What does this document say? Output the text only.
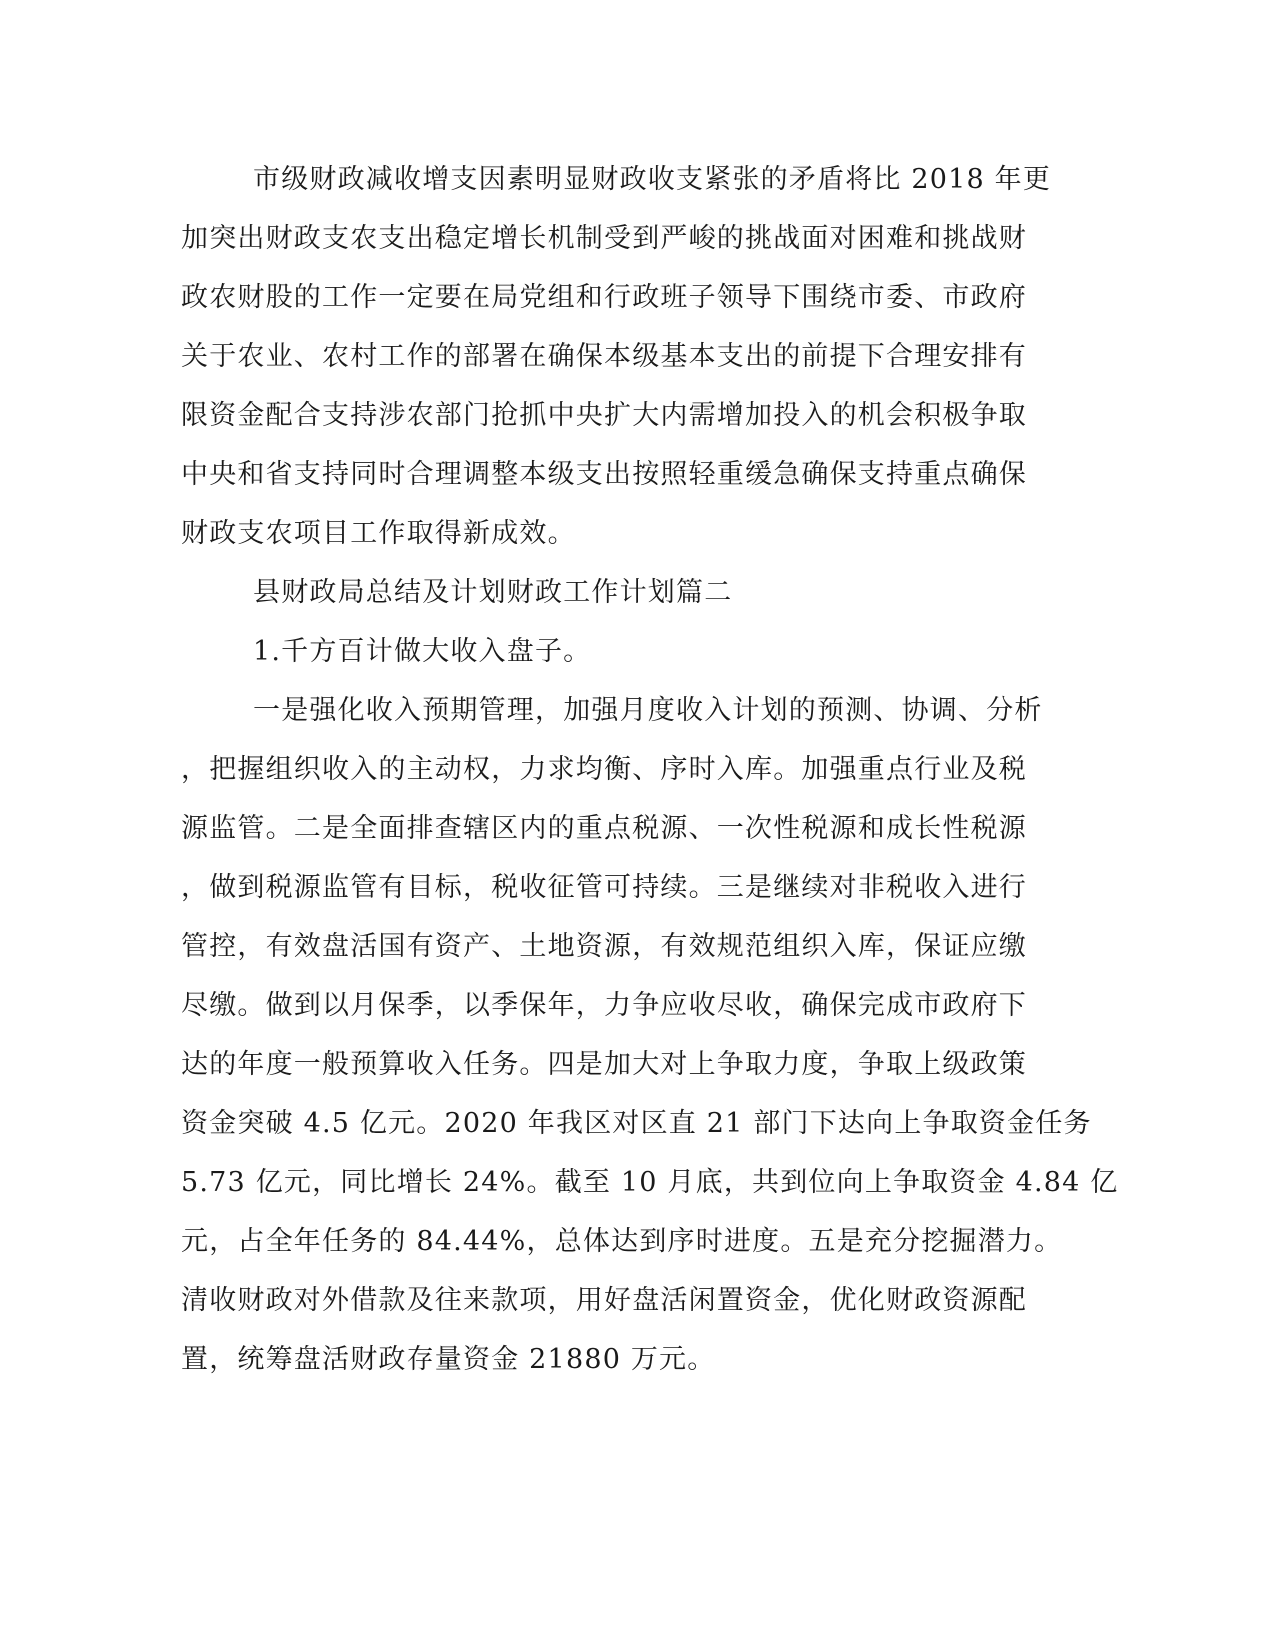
市级财政减收增支因素明显财政收支紧张的矛盾将比 2018 年更
加突出财政支农支出稳定增长机制受到严峻的挑战面对困难和挑战财
政农财股的工作一定要在局党组和行政班子领导下围绕市委、市政府
关于农业、农村工作的部署在确保本级基本支出的前提下合理安排有
限资金配合支持涉农部门抢抓中央扩大内需增加投入的机会积极争取
中央和省支持同时合理调整本级支出按照轻重缓急确保支持重点确保
财政支农项目工作取得新成效。

县财政局总结及计划财政工作计划篇二

1.千方百计做大收入盘子。

一是强化收入预期管理，加强月度收入计划的预测、协调、分析
，把握组织收入的主动权，力求均衡、序时入库。加强重点行业及税
源监管。二是全面排查辖区内的重点税源、一次性税源和成长性税源
，做到税源监管有目标，税收征管可持续。三是继续对非税收入进行
管控，有效盘活国有资产、土地资源，有效规范组织入库，保证应缴
尽缴。做到以月保季，以季保年，力争应收尽收，确保完成市政府下
达的年度一般预算收入任务。四是加大对上争取力度，争取上级政策
资金突破 4.5 亿元。2020 年我区对区直 21 部门下达向上争取资金任务
5.73 亿元，同比增长 24%。截至 10 月底，共到位向上争取资金 4.84 亿
元，占全年任务的 84.44%，总体达到序时进度。五是充分挖掘潜力。
清收财政对外借款及往来款项，用好盘活闲置资金，优化财政资源配
置，统筹盘活财政存量资金 21880 万元。
